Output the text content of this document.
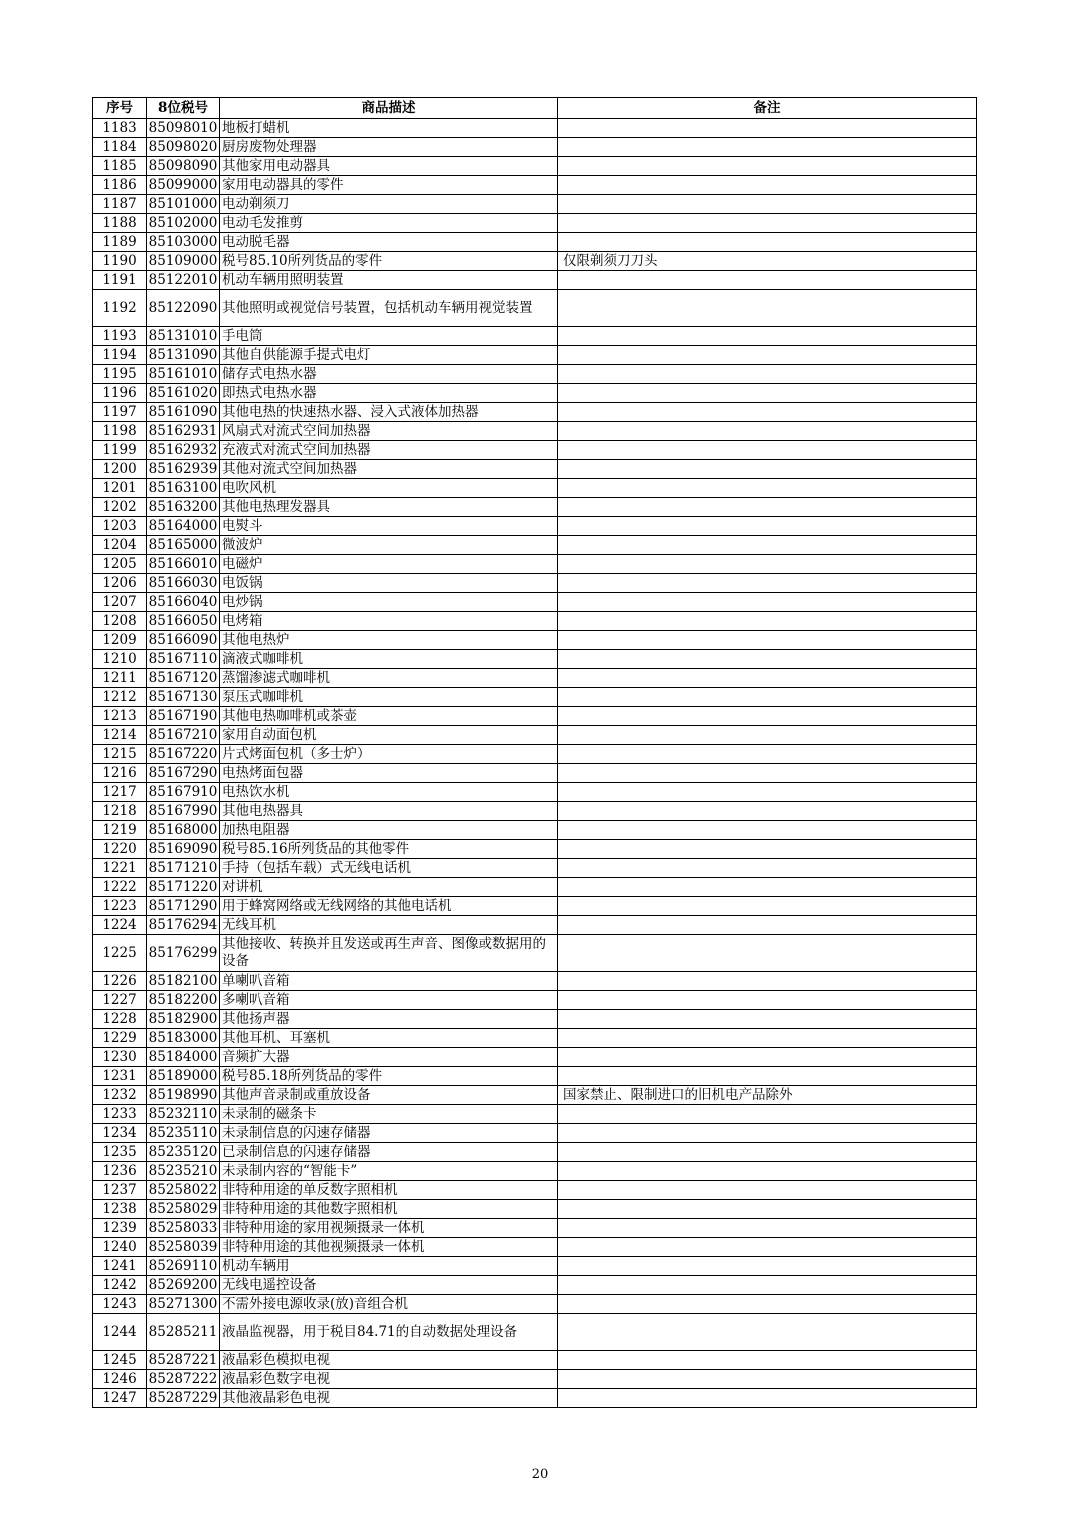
序号	8位税号	商品描述	备注
1183	85098010	地板打蜡机	
1184	85098020	厨房废物处理器	
1185	85098090	其他家用电动器具	
1186	85099000	家用电动器具的零件	
1187	85101000	电动剃须刀	
1188	85102000	电动毛发推剪	
1189	85103000	电动脱毛器	
1190	85109000	税号85.10所列货品的零件	仅限剃须刀刀头
1191	85122010	机动车辆用照明装置	
1192	85122090	其他照明或视觉信号装置，包括机动车辆用视觉装置	
1193	85131010	手电筒	
1194	85131090	其他自供能源手提式电灯	
1195	85161010	储存式电热水器	
1196	85161020	即热式电热水器	
1197	85161090	其他电热的快速热水器、浸入式液体加热器	
1198	85162931	风扇式对流式空间加热器	
1199	85162932	充液式对流式空间加热器	
1200	85162939	其他对流式空间加热器	
1201	85163100	电吹风机	
1202	85163200	其他电热理发器具	
1203	85164000	电熨斗	
1204	85165000	微波炉	
1205	85166010	电磁炉	
1206	85166030	电饭锅	
1207	85166040	电炒锅	
1208	85166050	电烤箱	
1209	85166090	其他电热炉	
1210	85167110	滴液式咖啡机	
1211	85167120	蒸馏渗滤式咖啡机	
1212	85167130	泵压式咖啡机	
1213	85167190	其他电热咖啡机或茶壶	
1214	85167210	家用自动面包机	
1215	85167220	片式烤面包机（多士炉）	
1216	85167290	电热烤面包器	
1217	85167910	电热饮水机	
1218	85167990	其他电热器具	
1219	85168000	加热电阻器	
1220	85169090	税号85.16所列货品的其他零件	
1221	85171210	手持（包括车载）式无线电话机	
1222	85171220	对讲机	
1223	85171290	用于蜂窝网络或无线网络的其他电话机	
1224	85176294	无线耳机	
1225	85176299	其他接收、转换并且发送或再生声音、图像或数据用的设备	
1226	85182100	单喇叭音箱	
1227	85182200	多喇叭音箱	
1228	85182900	其他扬声器	
1229	85183000	其他耳机、耳塞机	
1230	85184000	音频扩大器	
1231	85189000	税号85.18所列货品的零件	
1232	85198990	其他声音录制或重放设备	国家禁止、限制进口的旧机电产品除外
1233	85232110	未录制的磁条卡	
1234	85235110	未录制信息的闪速存储器	
1235	85235120	已录制信息的闪速存储器	
1236	85235210	未录制内容的“智能卡”	
1237	85258022	非特种用途的单反数字照相机	
1238	85258029	非特种用途的其他数字照相机	
1239	85258033	非特种用途的家用视频摄录一体机	
1240	85258039	非特种用途的其他视频摄录一体机	
1241	85269110	机动车辆用	
1242	85269200	无线电遥控设备	
1243	85271300	不需外接电源收录(放)音组合机	
1244	85285211	液晶监视器，用于税目84.71的自动数据处理设备	
1245	85287221	液晶彩色模拟电视	
1246	85287222	液晶彩色数字电视	
1247	85287229	其他液晶彩色电视	
20
